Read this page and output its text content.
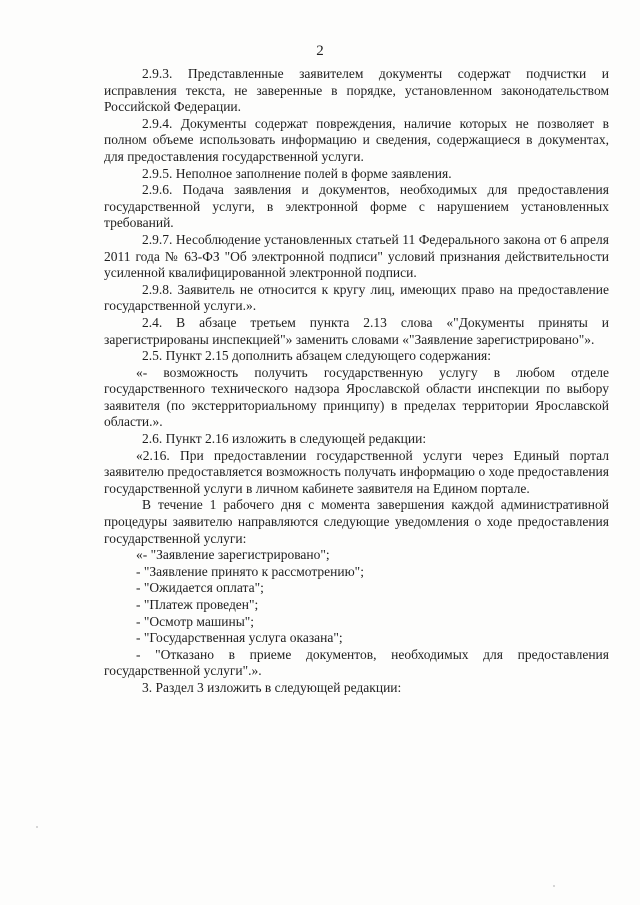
2

2.9.3. Представленные заявителем документы содержат подчистки и исправления текста, не заверенные в порядке, установленном законодательством Российской Федерации.

2.9.4. Документы содержат повреждения, наличие которых не позволяет в полном объеме использовать информацию и сведения, содержащиеся в документах, для предоставления государственной услуги.

2.9.5. Неполное заполнение полей в форме заявления.

2.9.6. Подача заявления и документов, необходимых для предоставления государственной услуги, в электронной форме с нарушением установленных требований.

2.9.7. Несоблюдение установленных статьей 11 Федерального закона от 6 апреля 2011 года № 63-ФЗ "Об электронной подписи" условий признания действительности усиленной квалифицированной электронной подписи.

2.9.8. Заявитель не относится к кругу лиц, имеющих право на предоставление государственной услуги.».

2.4. В абзаце третьем пункта 2.13 слова «"Документы приняты и зарегистрированы инспекцией"» заменить словами «"Заявление зарегистрировано"».

2.5. Пункт 2.15 дополнить абзацем следующего содержания:

«- возможность получить государственную услугу в любом отделе государственного технического надзора Ярославской области инспекции по выбору заявителя (по экстерриториальному принципу) в пределах территории Ярославской области.».

2.6. Пункт 2.16 изложить в следующей редакции:

«2.16. При предоставлении государственной услуги через Единый портал заявителю предоставляется возможность получать информацию о ходе предоставления государственной услуги в личном кабинете заявителя на Едином портале.

В течение 1 рабочего дня с момента завершения каждой административной процедуры заявителю направляются следующие уведомления о ходе предоставления государственной услуги:

«- "Заявление зарегистрировано";

- "Заявление принято к рассмотрению";

- "Ожидается оплата";

- "Платеж проведен";

- "Осмотр машины";

- "Государственная услуга оказана";

- "Отказано в приеме документов, необходимых для предоставления государственной услуги".».

3. Раздел 3 изложить в следующей редакции:
